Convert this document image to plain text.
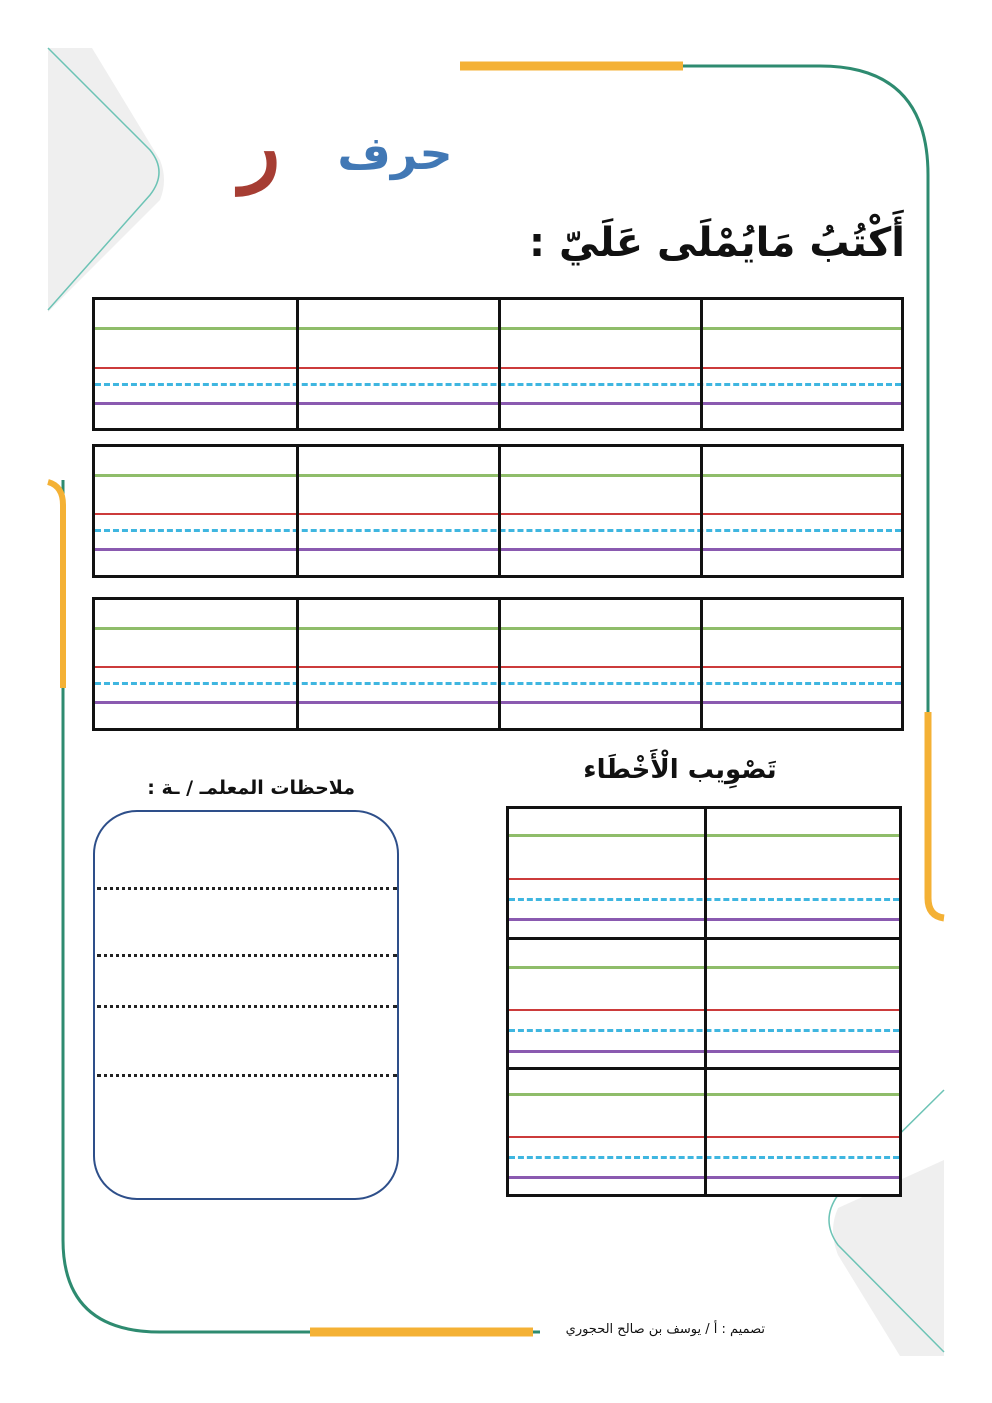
حرف
ر
أَكْتُبُ مَايُمْلَى عَلَيّ :
تَصْوِيب الْأَخْطَاء
ملاحظات المعلمـ / ـة :
تصميم : أ / يوسف بن صالح الحجوري
